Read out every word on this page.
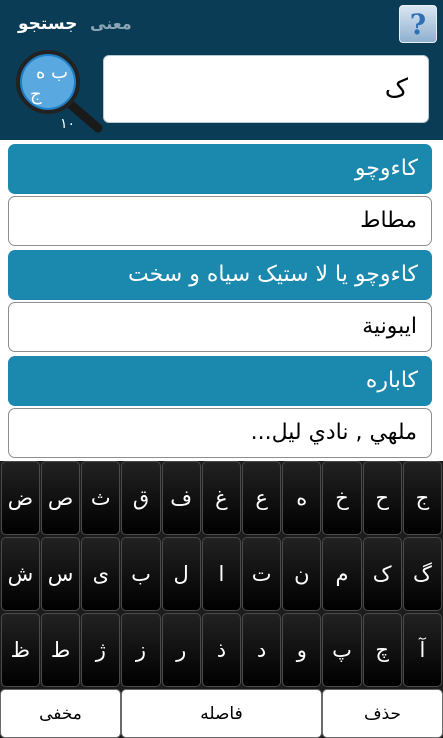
جستجو معنی	?
ب ه
ج
۱۰
ک
كاءوچو
مطاط
كاءوچو يا لا ستيک سياه و سخت
ايبونية
كاباره
ملهي , نادي ليل...
مخفی	فاصله	حذف
ج
ح
خ
ه
ع
غ
ف
ق
ث
ص
ض
گ
ک
م
ن
ت
ا
ل
ب
ی
س
ش
آ
چ
پ
و
د
ذ
ر
ز
ژ
ط
ظ
